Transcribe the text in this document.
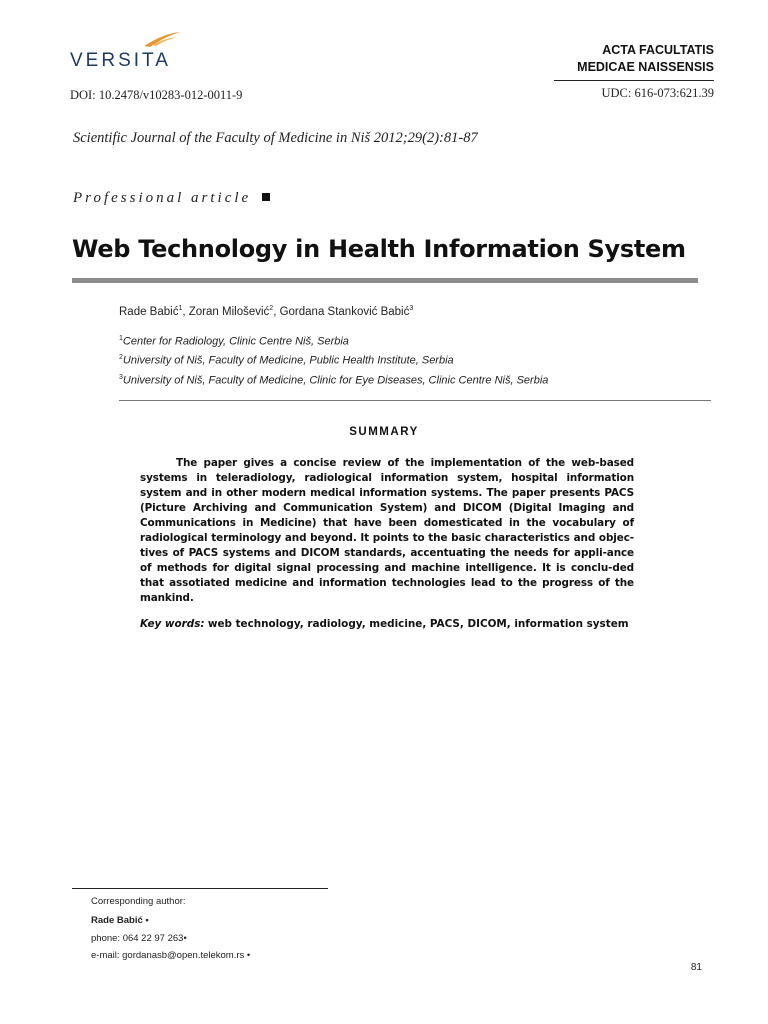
VERSITA	ACTA FACULTATIS
MEDICAE NAISSENSIS
UDC: 616-073:621.39
DOI: 10.2478/v10283-012-0011-9
Scientific Journal of the Faculty of Medicine in Niš 2012;29(2):81-87
Professional article
Web Technology in Health Information System
Rade Babić$^1$, Zoran Milošević$^2$, Gordana Stanković Babić$^3$
$^1$Center for Radiology, Clinic Centre Niš, Serbia
$^2$University of Niš, Faculty of Medicine, Public Health Institute, Serbia
$^3$University of Niš, Faculty of Medicine, Clinic for Eye Diseases, Clinic Centre Niš, Serbia
SUMMARY

The paper gives a concise review of the implementation of the web-based systems in teleradiology, radiological information system, hospital information system and in other modern medical information systems. The paper presents PACS (Picture Archiving and Communication System) and DICOM (Digital Imaging and Communications in Medicine) that have been domesticated in the vocabulary of radiological terminology and beyond. It points to the basic characteristics and objec-tives of PACS systems and DICOM standards, accentuating the needs for appli-ance of methods for digital signal processing and machine intelligence. It is conclu-ded that assotiated medicine and information technologies lead to the progress of the mankind.

Key words: web technology, radiology, medicine, PACS, DICOM, information system
Corresponding author:
Rade Babić •
phone: 064 22 97 263•
e-mail: gordanasb@open.telekom.rs •
81
